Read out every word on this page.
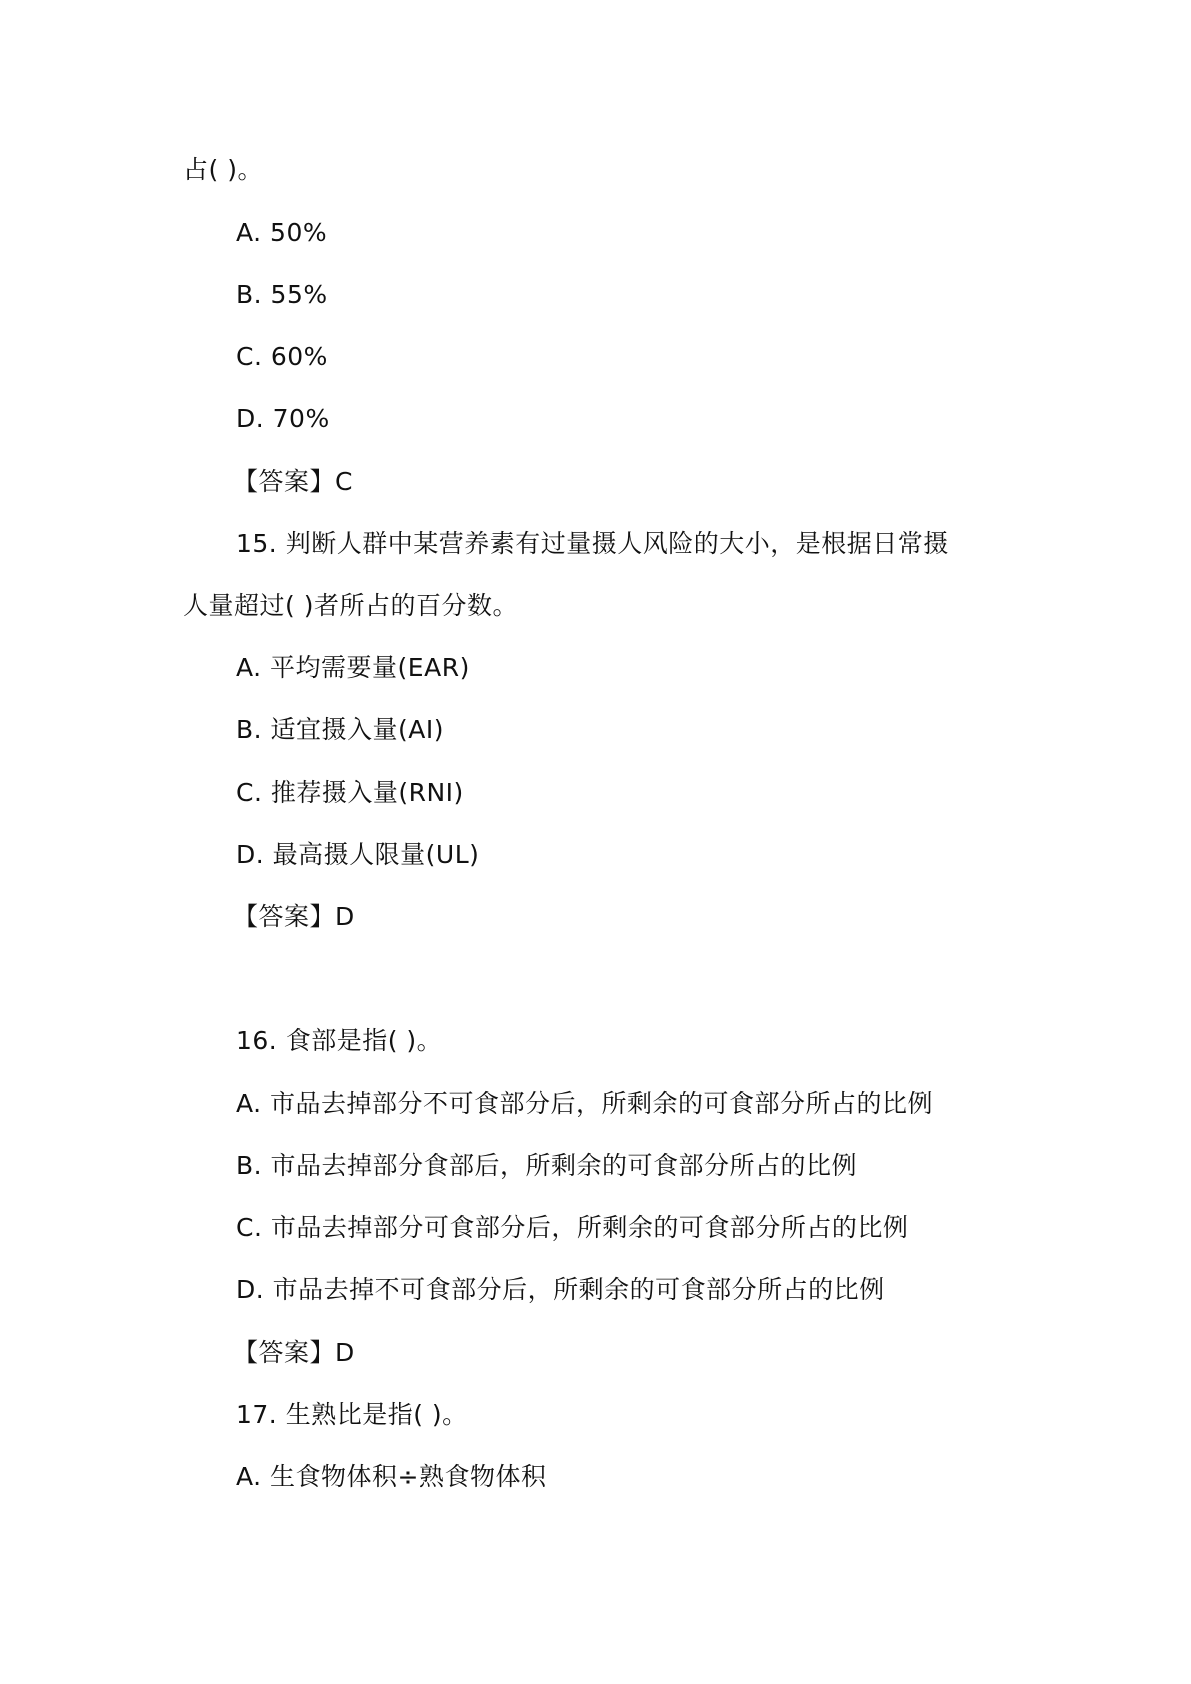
占( )。
A. 50%
B. 55%
C. 60%
D. 70%
【答案】C
15. 判断人群中某营养素有过量摄人风险的大小，是根据日常摄
人量超过( )者所占的百分数。
A. 平均需要量(EAR)
B. 适宜摄入量(AI)
C. 推荐摄入量(RNI)
D. 最高摄人限量(UL)
【答案】D
16. 食部是指( )。
A. 市品去掉部分不可食部分后，所剩余的可食部分所占的比例
B. 市品去掉部分食部后，所剩余的可食部分所占的比例
C. 市品去掉部分可食部分后，所剩余的可食部分所占的比例
D. 市品去掉不可食部分后，所剩余的可食部分所占的比例
【答案】D
17. 生熟比是指( )。
A. 生食物体积÷熟食物体积
